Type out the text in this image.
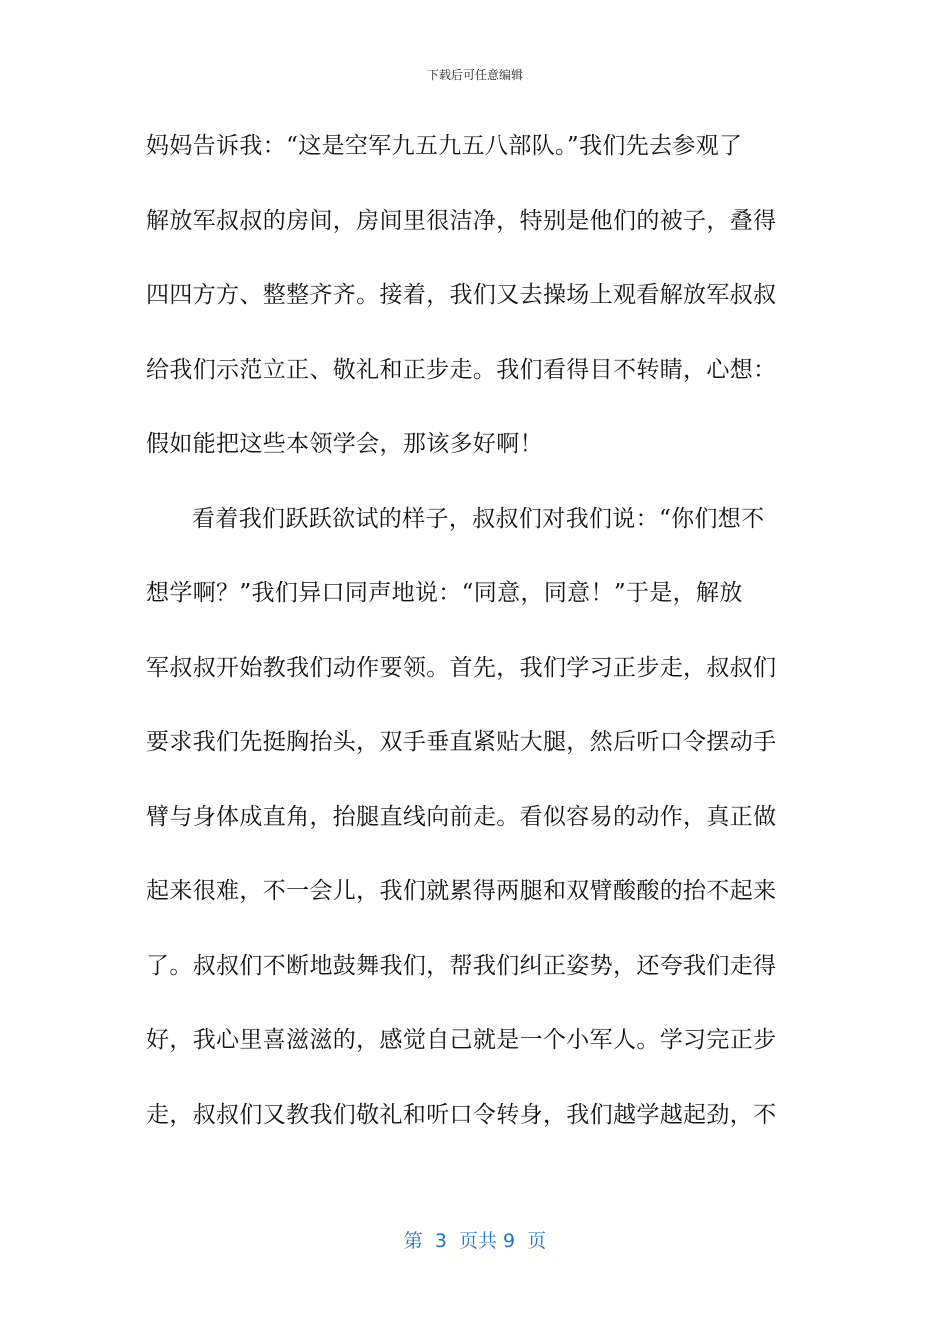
下载后可任意编辑
妈妈告诉我：“这是空军九五九五八部队。”我们先去参观了
解放军叔叔的房间，房间里很洁净，特别是他们的被子，叠得
四四方方、整整齐齐。接着，我们又去操场上观看解放军叔叔
给我们示范立正、敬礼和正步走。我们看得目不转睛，心想：
假如能把这些本领学会，那该多好啊！
看着我们跃跃欲试的样子，叔叔们对我们说：“你们想不
想学啊？”我们异口同声地说：“同意，同意！”于是，解放
军叔叔开始教我们动作要领。首先，我们学习正步走，叔叔们
要求我们先挺胸抬头，双手垂直紧贴大腿，然后听口令摆动手
臂与身体成直角，抬腿直线向前走。看似容易的动作，真正做
起来很难，不一会儿，我们就累得两腿和双臂酸酸的抬不起来
了。叔叔们不断地鼓舞我们，帮我们纠正姿势，还夸我们走得
好，我心里喜滋滋的，感觉自己就是一个小军人。学习完正步
走，叔叔们又教我们敬礼和听口令转身，我们越学越起劲，不
第  3  页共 9  页
